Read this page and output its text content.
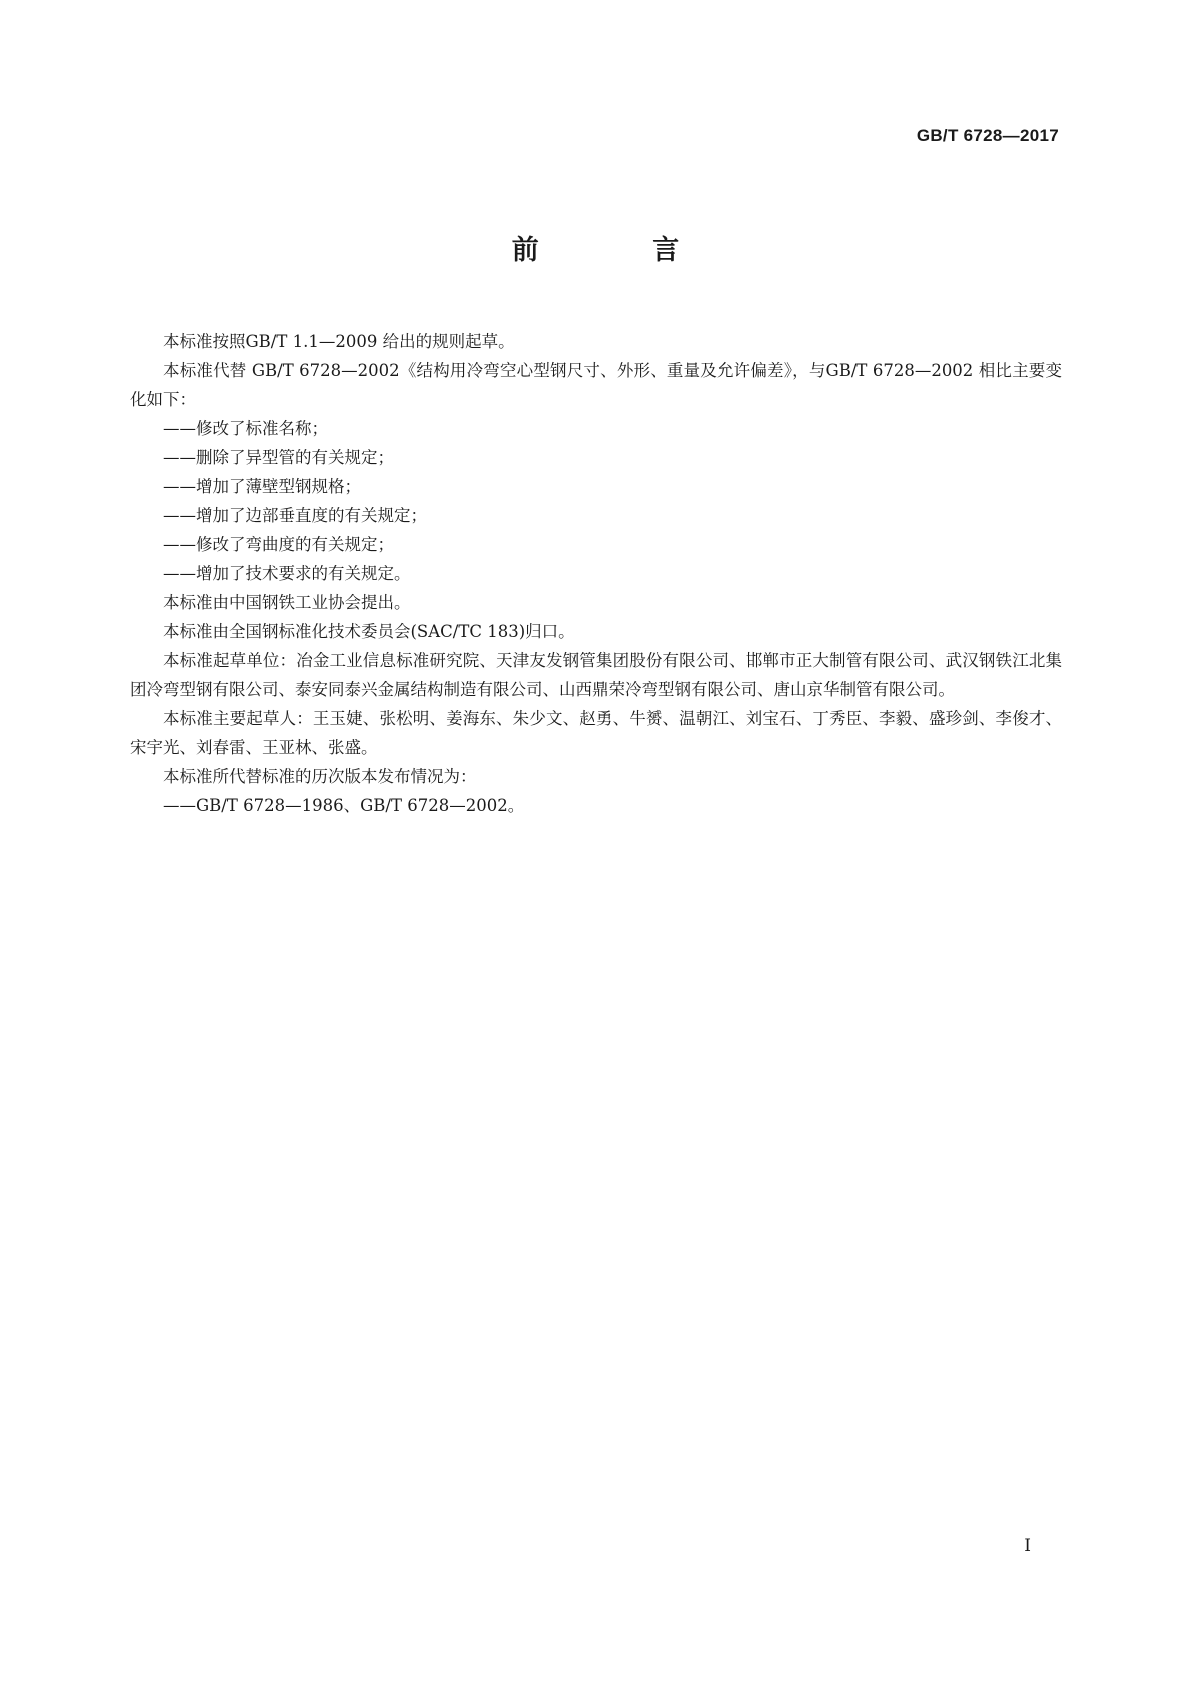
GB/T 6728—2017
前 言

本标准按照GB/T 1.1—2009 给出的规则起草。

本标准代替 GB/T 6728—2002《结构用冷弯空心型钢尺寸、外形、重量及允许偏差》，与GB/T 6728—2002 相比主要变化如下：

——修改了标准名称；

——删除了异型管的有关规定；

——增加了薄壁型钢规格；

——增加了边部垂直度的有关规定；

——修改了弯曲度的有关规定；

——增加了技术要求的有关规定。

本标准由中国钢铁工业协会提出。

本标准由全国钢标准化技术委员会(SAC/TC 183)归口。

本标准起草单位：冶金工业信息标准研究院、天津友发钢管集团股份有限公司、邯郸市正大制管有限公司、武汉钢铁江北集团冷弯型钢有限公司、泰安同泰兴金属结构制造有限公司、山西鼎荣冷弯型钢有限公司、唐山京华制管有限公司。

本标准主要起草人：王玉婕、张松明、姜海东、朱少文、赵勇、牛赟、温朝江、刘宝石、丁秀臣、李毅、盛珍剑、李俊才、宋宇光、刘春雷、王亚林、张盛。

本标准所代替标准的历次版本发布情况为：

——GB/T 6728—1986、GB/T 6728—2002。

I
